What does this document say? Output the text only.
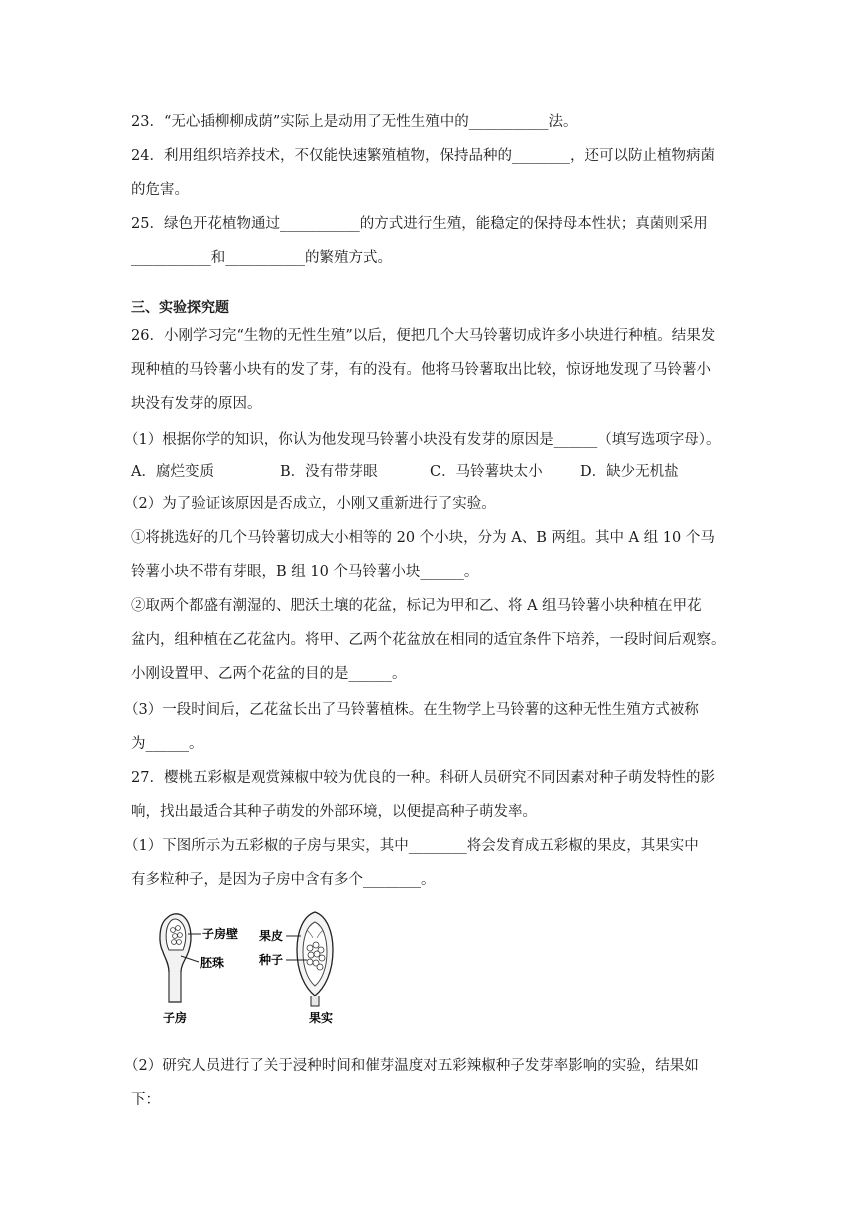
23．“无心插柳柳成荫”实际上是动用了无性生殖中的___________法。
24．利用组织培养技术，不仅能快速繁殖植物，保持品种的________，还可以防止植物病菌
的危害。
25．绿色开花植物通过___________的方式进行生殖，能稳定的保持母本性状；真菌则采用
___________和___________的繁殖方式。
三、实验探究题
26．小刚学习完“生物的无性生殖”以后，便把几个大马铃薯切成许多小块进行种植。结果发
现种植的马铃薯小块有的发了芽，有的没有。他将马铃薯取出比较，惊讶地发现了马铃薯小
块没有发芽的原因。
（1）根据你学的知识，你认为他发现马铃薯小块没有发芽的原因是______（填写选项字母）。
A．腐烂变质	B．没有带芽眼	C．马铃薯块太小	D．缺少无机盐
（2）为了验证该原因是否成立，小刚又重新进行了实验。
①将挑选好的几个马铃薯切成大小相等的 20 个小块，分为 A、B 两组。其中 A 组 10 个马
铃薯小块不带有芽眼，B 组 10 个马铃薯小块______。
②取两个都盛有潮湿的、肥沃土壤的花盆，标记为甲和乙、将 A 组马铃薯小块种植在甲花
盆内，组种植在乙花盆内。将甲、乙两个花盆放在相同的适宜条件下培养，一段时间后观察。
小刚设置甲、乙两个花盆的目的是______。
（3）一段时间后，乙花盆长出了马铃薯植株。在生物学上马铃薯的这种无性生殖方式被称
为______。
27．樱桃五彩椒是观赏辣椒中较为优良的一种。科研人员研究不同因素对种子萌发特性的影
响，找出最适合其种子萌发的外部环境，以便提高种子萌发率。
（1）下图所示为五彩椒的子房与果实，其中________将会发育成五彩椒的果皮，其果实中
有多粒种子，是因为子房中含有多个________。
子房壁
胚珠
子房
果皮
种子
果实
（2）研究人员进行了关于浸种时间和催芽温度对五彩辣椒种子发芽率影响的实验，结果如
下：
